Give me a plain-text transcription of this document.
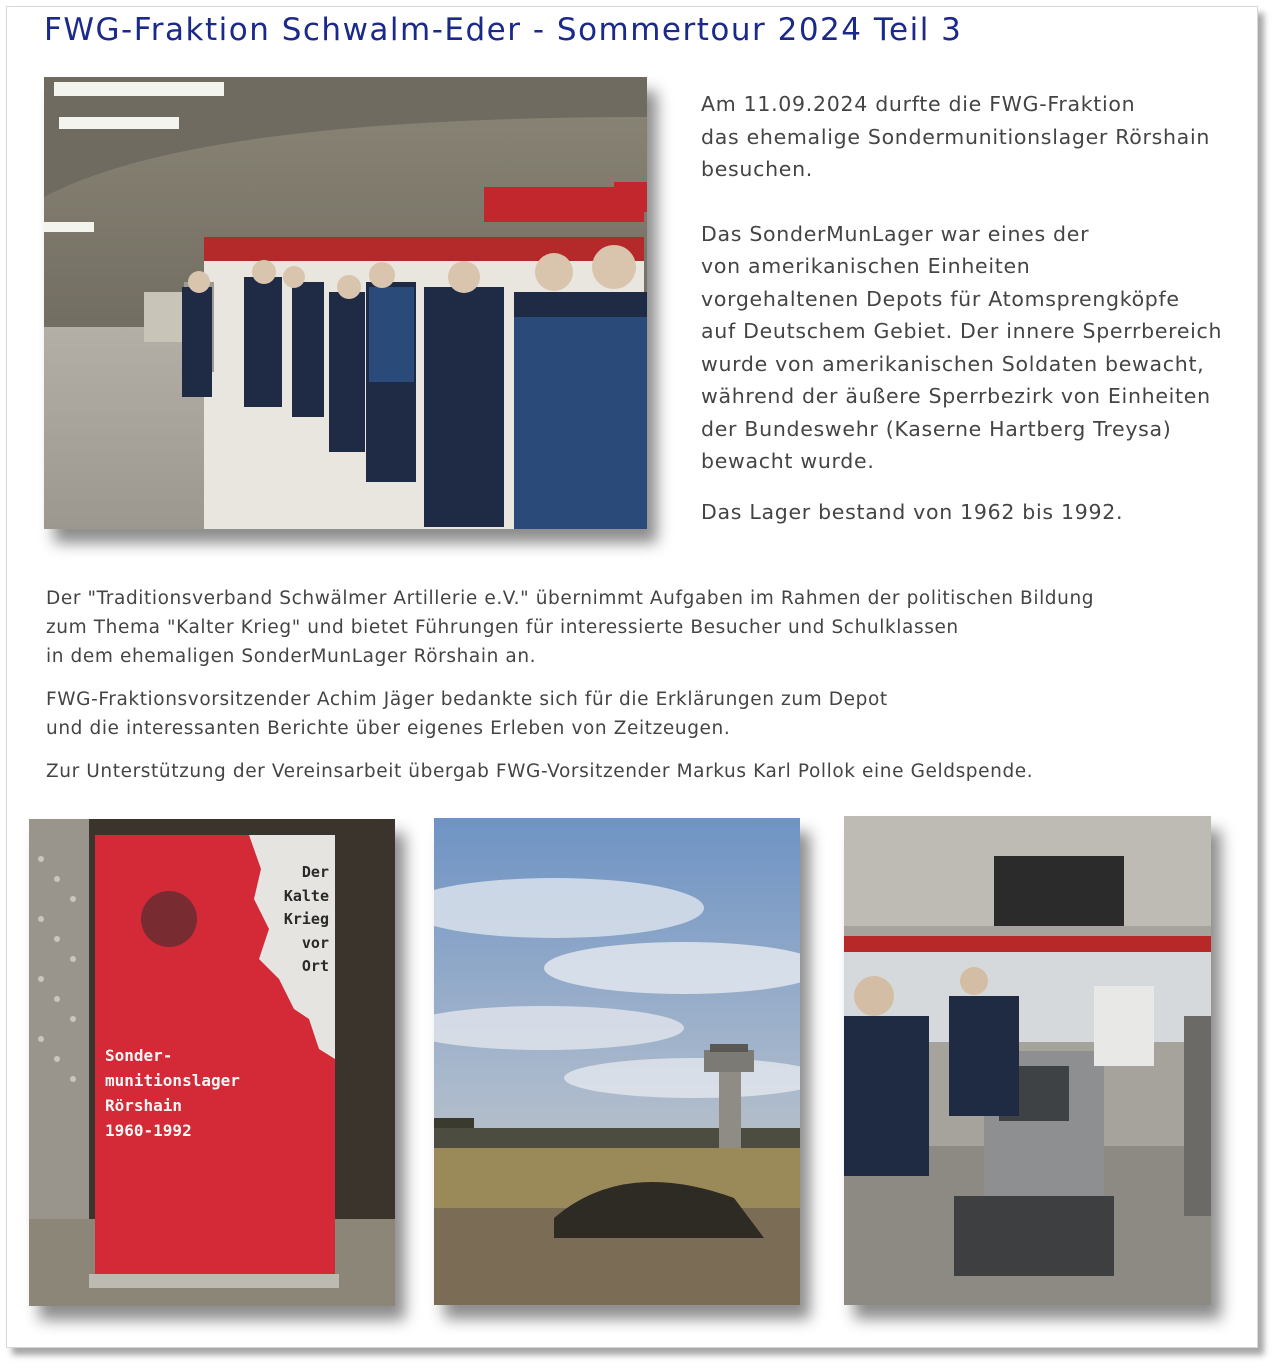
FWG-Fraktion Schwalm-Eder - Sommertour 2024 Teil 3

Am 11.09.2024 durfte die FWG-Fraktion
das ehemalige Sondermunitionslager Rörshain
besuchen.

Das SonderMunLager war eines der
von amerikanischen Einheiten
vorgehaltenen Depots für Atomsprengköpfe
auf Deutschem Gebiet. Der innere Sperrbereich
wurde von amerikanischen Soldaten bewacht,
während der äußere Sperrbezirk von Einheiten
der Bundeswehr (Kaserne Hartberg Treysa)
bewacht wurde.

Das Lager bestand von 1962 bis 1992.

Der "Traditionsverband Schwälmer Artillerie e.V." übernimmt Aufgaben im Rahmen der politischen Bildung
zum Thema "Kalter Krieg" und bietet Führungen für interessierte Besucher und Schulklassen
in dem ehemaligen SonderMunLager Rörshain an.

FWG-Fraktionsvorsitzender Achim Jäger bedankte sich für die Erklärungen zum Depot
und die interessanten Berichte über eigenes Erleben von Zeitzeugen.

Zur Unterstützung der Vereinsarbeit übergab FWG-Vorsitzender Markus Karl Pollok eine Geldspende.

Der
Kalte
Krieg
vor
Ort
Sonder-
munitionslager
Rörshain
1960-1992
